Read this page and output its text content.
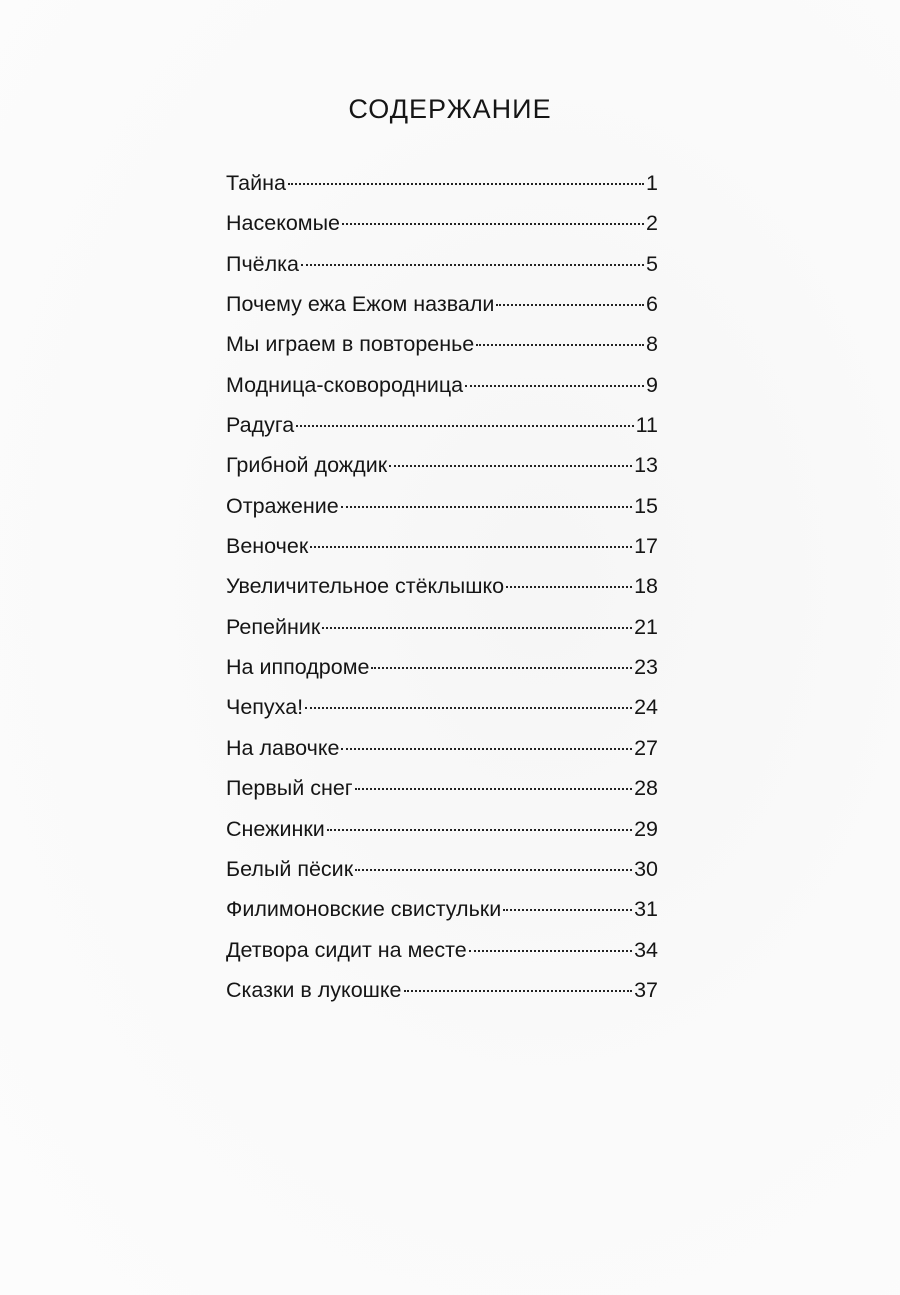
СОДЕРЖАНИЕ
Тайна	1
Насекомые	2
Пчёлка	5
Почему ежа Ежом назвали	6
Мы играем в повторенье	8
Модница-сковородница	9
Радуга	11
Грибной дождик	13
Отражение	15
Веночек	17
Увеличительное стёклышко	18
Репейник	21
На ипподроме	23
Чепуха!	24
На лавочке	27
Первый снег	28
Снежинки	29
Белый пёсик	30
Филимоновские свистульки	31
Детвора сидит на месте	34
Сказки в лукошке	37
